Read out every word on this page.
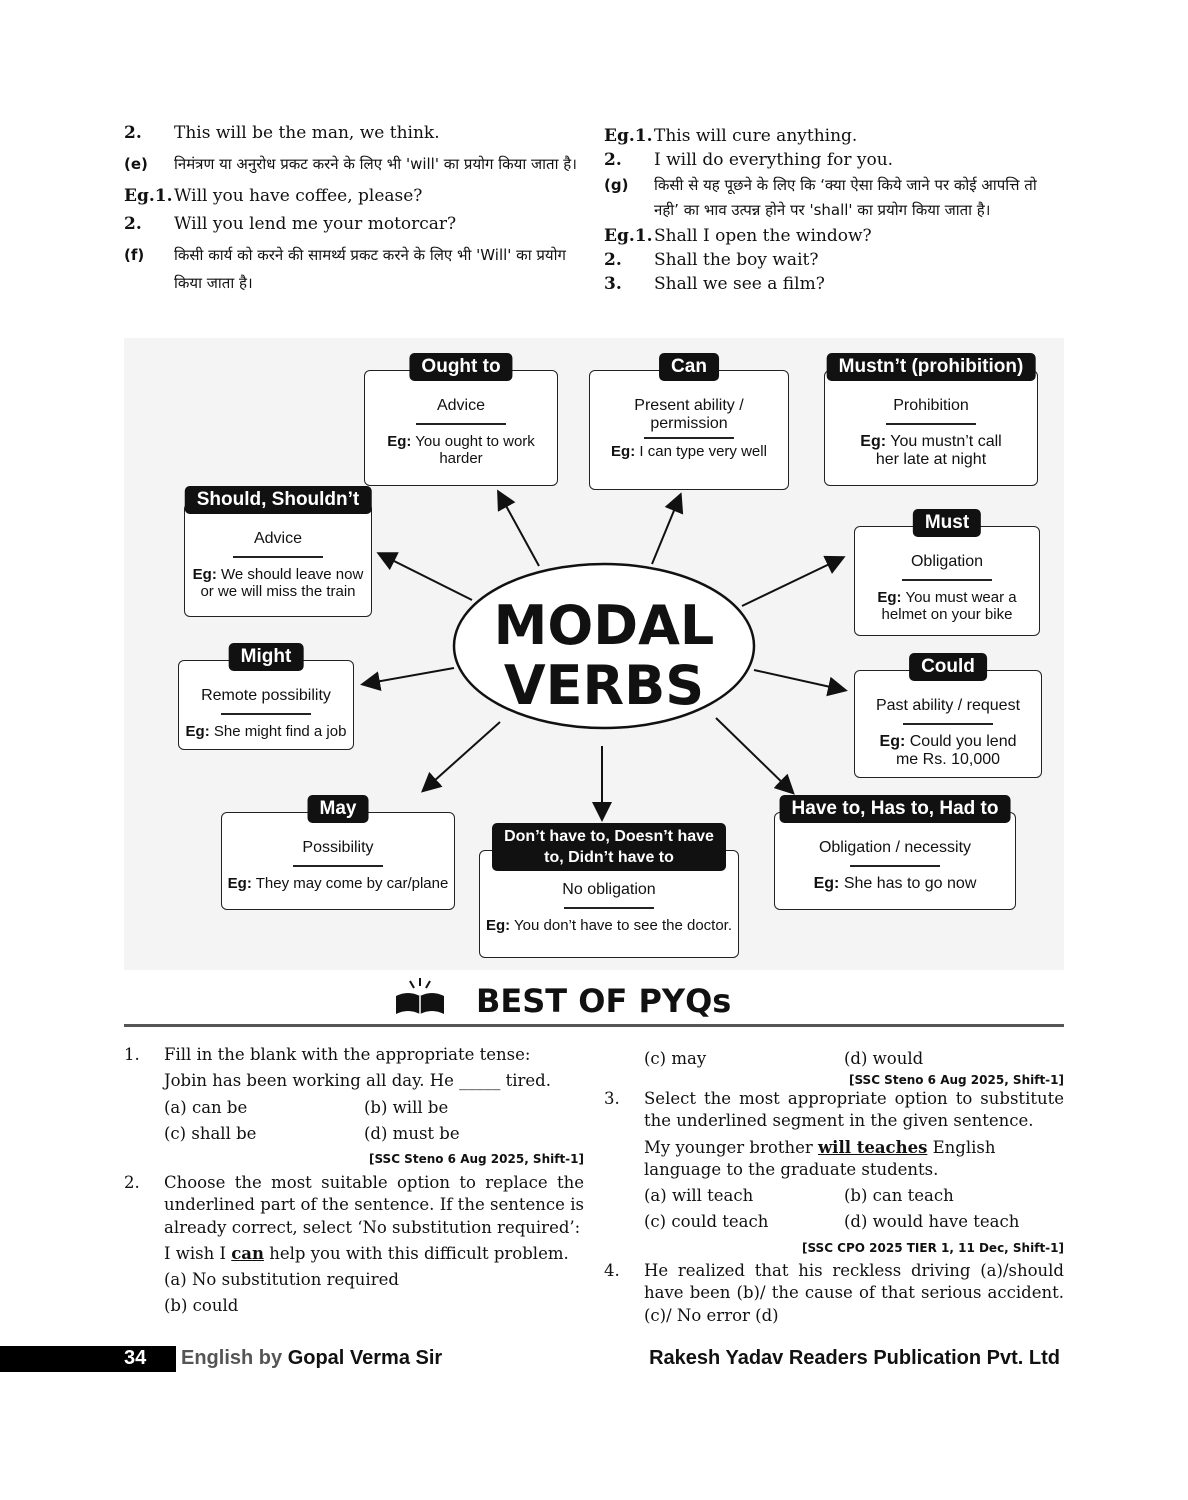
2. This will be the man, we think.
(e) निमंत्रण या अनुरोध प्रकट करने के लिए भी 'will' का प्रयोग किया जाता है।
Eg.1. Will you have coffee, please?
2. Will you lend me your motorcar?
(f) किसी कार्य को करने की सामर्थ्य प्रकट करने के लिए भी 'Will' का प्रयोग किया जाता है।
Eg.1. This will cure anything.
2. I will do everything for you.
(g) किसी से यह पूछने के लिए कि ‘क्या ऐसा किये जाने पर कोई आपत्ति तो नही’ का भाव उत्पन्न होने पर 'shall' का प्रयोग किया जाता है।
Eg.1. Shall I open the window?
2. Shall the boy wait?
3. Shall we see a film?
MODAL
VERBS
Ought to
Advice
Eg: You ought to work harder
Can
Present ability / permission
Eg: I can type very well
Mustn’t (prohibition)
Prohibition
Eg: You mustn’t call her late at night
Should, Shouldn’t
Advice
Eg: We should leave now or we will miss the train
Must
Obligation
Eg: You must wear a helmet on your bike
Might
Remote possibility
Eg: She might find a job
Could
Past ability / request
Eg: Could you lend me Rs. 10,000
May
Possibility
Eg: They may come by car/plane
Don’t have to, Doesn’t have to, Didn’t have to
No obligation
Eg: You don’t have to see the doctor.
Have to, Has to, Had to
Obligation / necessity
Eg: She has to go now
BEST OF PYQs
1. Fill in the blank with the appropriate tense:
Jobin has been working all day. He _____ tired.
(a) can be	(b) will be
(c) shall be	(d) must be
[SSC Steno 6 Aug 2025, Shift-1]
2. Choose the most suitable option to replace the underlined part of the sentence. If the sentence is already correct, select ‘No substitution required’:
I wish I can help you with this difficult problem.
(a) No substitution required
(b) could
(c) may	(d) would
[SSC Steno 6 Aug 2025, Shift-1]
3. Select the most appropriate option to substitute the underlined segment in the given sentence.
My younger brother will teaches English language to the graduate students.
(a) will teach	(b) can teach
(c) could teach	(d) would have teach
[SSC CPO 2025 TIER 1, 11 Dec, Shift-1]
4. He realized that his reckless driving (a)/should have been (b)/ the cause of that serious accident. (c)/ No error (d)
34 English by Gopal Verma Sir	Rakesh Yadav Readers Publication Pvt. Ltd
